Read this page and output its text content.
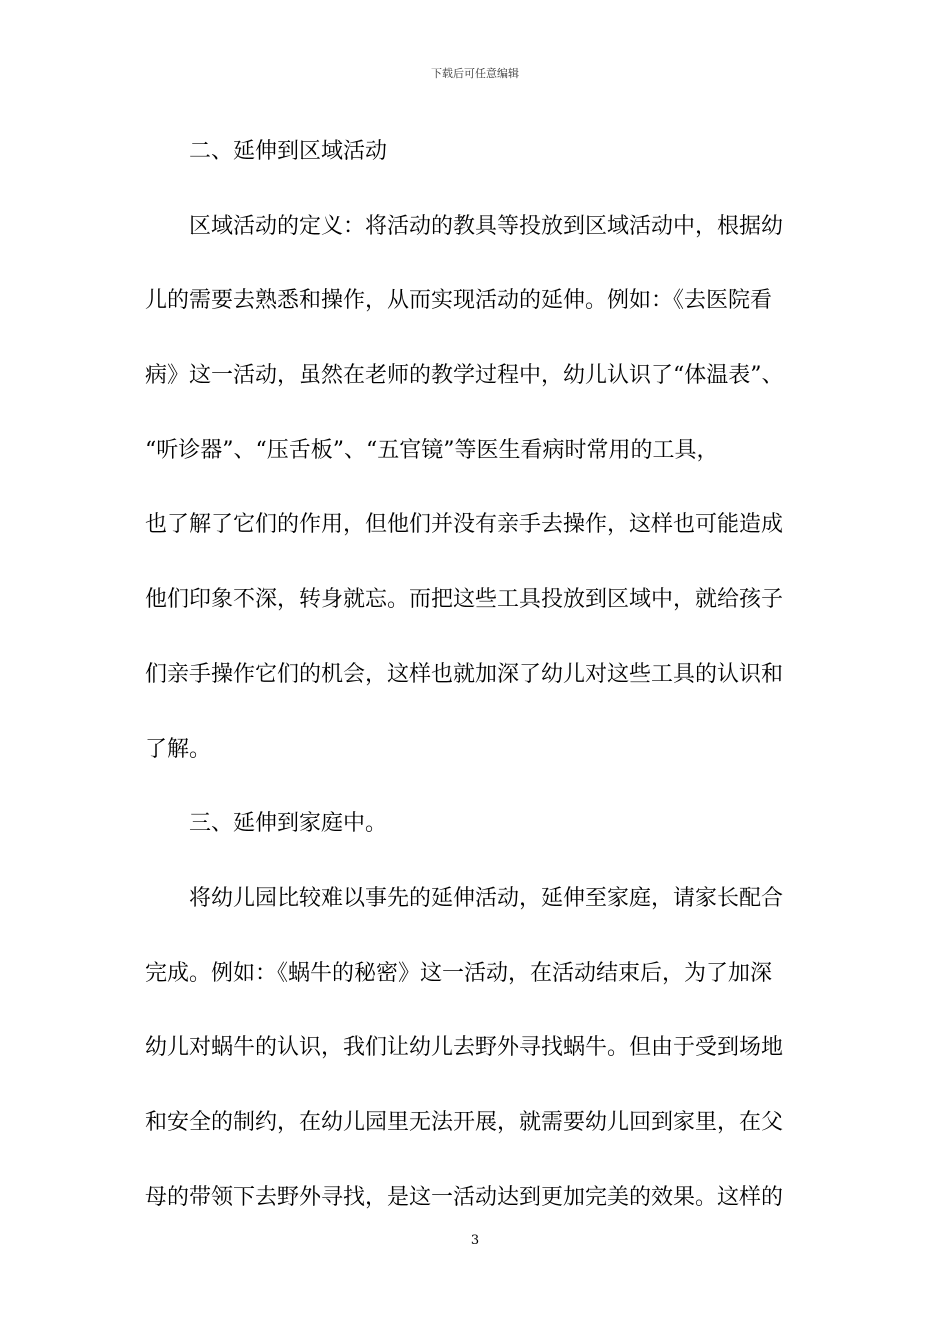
下载后可任意编辑
二、延伸到区域活动
区域活动的定义：将活动的教具等投放到区域活动中，根据幼
儿的需要去熟悉和操作，从而实现活动的延伸。例如：《去医院看
病》这一活动，虽然在老师的教学过程中，幼儿认识了“体温表”、
“听诊器”、“压舌板”、“五官镜”等医生看病时常用的工具，
也了解了它们的作用，但他们并没有亲手去操作，这样也可能造成
他们印象不深，转身就忘。而把这些工具投放到区域中，就给孩子
们亲手操作它们的机会，这样也就加深了幼儿对这些工具的认识和
了解。
三、延伸到家庭中。
将幼儿园比较难以事先的延伸活动，延伸至家庭，请家长配合
完成。例如：《蜗牛的秘密》这一活动，在活动结束后，为了加深
幼儿对蜗牛的认识，我们让幼儿去野外寻找蜗牛。但由于受到场地
和安全的制约，在幼儿园里无法开展，就需要幼儿回到家里，在父
母的带领下去野外寻找，是这一活动达到更加完美的效果。这样的
3
